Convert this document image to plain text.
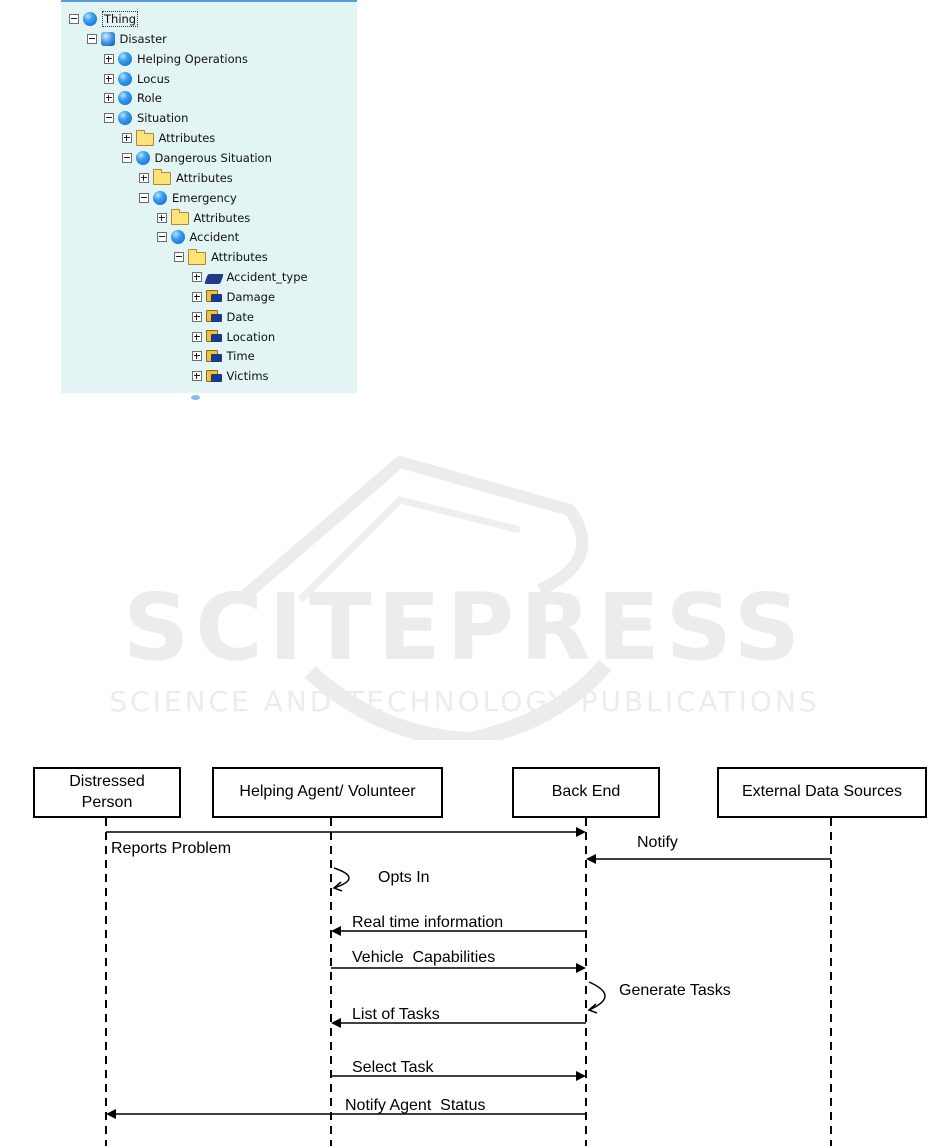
Thing
Disaster
Helping Operations
Locus
Role
Situation
Attributes
Dangerous Situation
Attributes
Emergency
Attributes
Accident
Attributes
Accident_type
Damage
Date
Location
Time
Victims
SCITEPRESS
SCIENCE AND TECHNOLOGY PUBLICATIONS
Distressed
Person
Helping Agent/ Volunteer	Back End	External Data Sources
Reports Problem	Notify
Opts In
Real time information
Vehicle  Capabilities
Generate Tasks
List of Tasks
Select Task
Notify Agent  Status
